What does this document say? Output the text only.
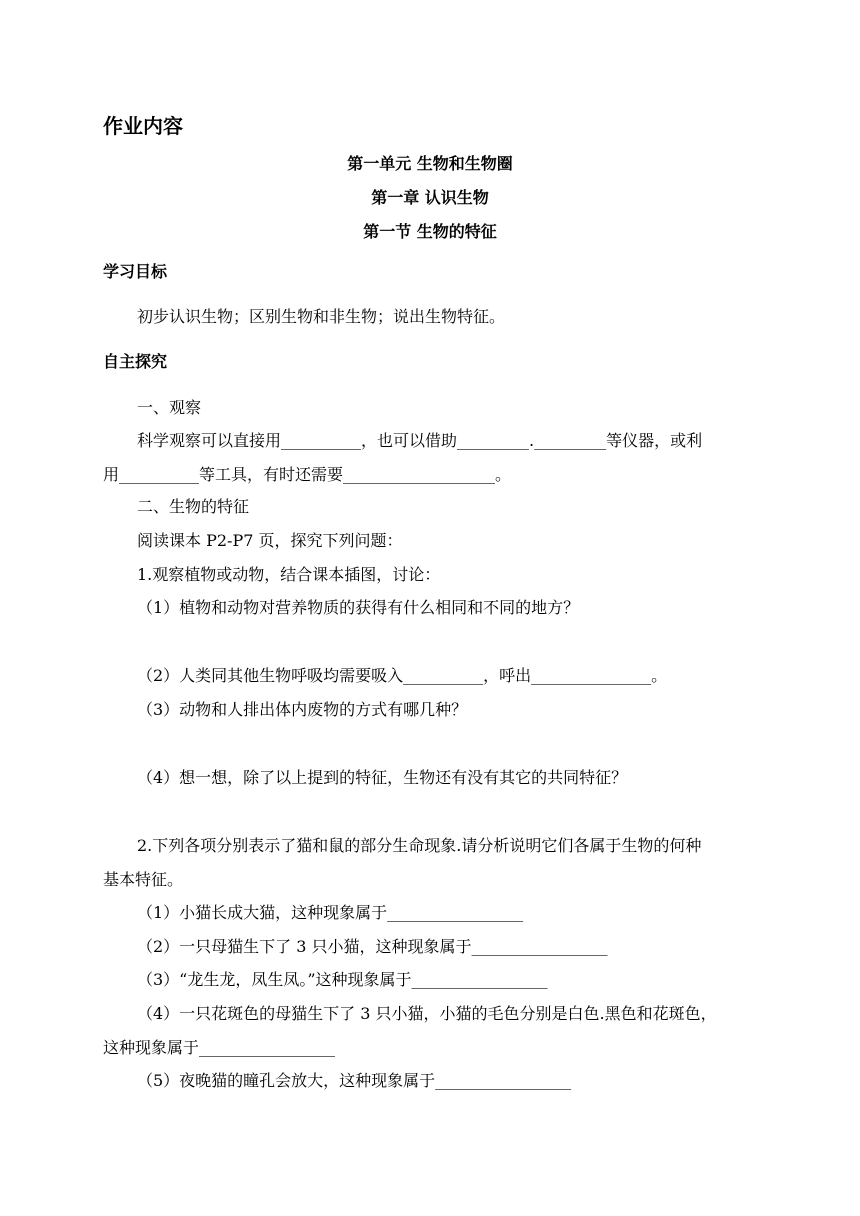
作业内容
第一单元 生物和生物圈
第一章 认识生物
第一节 生物的特征
学习目标
初步认识生物；区别生物和非生物；说出生物特征。
自主探究
一、观察
科学观察可以直接用__________，也可以借助_________._________等仪器，或利
用__________等工具，有时还需要___________________。
二、生物的特征
阅读课本 P2-P7 页，探究下列问题：
1.观察植物或动物，结合课本插图，讨论：
（1）植物和动物对营养物质的获得有什么相同和不同的地方？
（2）人类同其他生物呼吸均需要吸入__________，呼出_______________。
（3）动物和人排出体内废物的方式有哪几种？
（4）想一想，除了以上提到的特征，生物还有没有其它的共同特征？
2.下列各项分别表示了猫和鼠的部分生命现象.请分析说明它们各属于生物的何种
基本特征。
（1）小猫长成大猫，这种现象属于_________________
（2）一只母猫生下了 3 只小猫，这种现象属于_________________
（3）“龙生龙，凤生凤。”这种现象属于_________________
（4）一只花斑色的母猫生下了 3 只小猫，小猫的毛色分别是白色.黑色和花斑色，
这种现象属于_________________
（5）夜晚猫的瞳孔会放大，这种现象属于_________________
